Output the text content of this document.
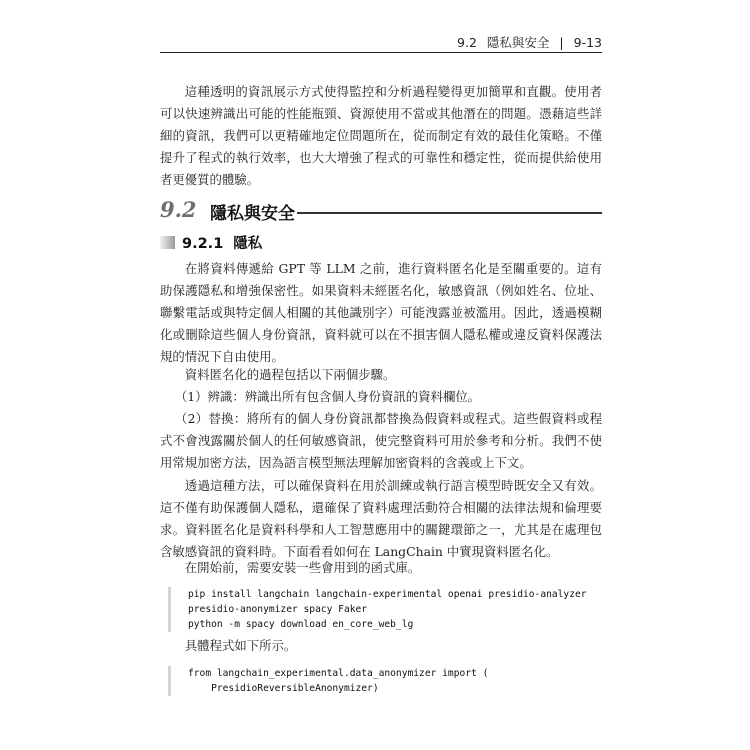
9.2 隱私與安全 | 9-13

這種透明的資訊展示方式使得監控和分析過程變得更加簡單和直觀。使用者可以快速辨識出可能的性能瓶頸、資源使用不當或其他潛在的問題。憑藉這些詳細的資訊，我們可以更精確地定位問題所在，從而制定有效的最佳化策略。不僅提升了程式的執行效率，也大大增強了程式的可靠性和穩定性，從而提供給使用者更優質的體驗。

9.2 隱私與安全
9.2.1 隱私

在將資料傳遞給 GPT 等 LLM 之前，進行資料匿名化是至關重要的。這有助保護隱私和增強保密性。如果資料未經匿名化，敏感資訊（例如姓名、位址、聯繫電話或與特定個人相關的其他識別字）可能洩露並被濫用。因此，透過模糊化或刪除這些個人身份資訊，資料就可以在不損害個人隱私權或違反資料保護法規的情況下自由使用。

資料匿名化的過程包括以下兩個步驟。

（1）辨識：辨識出所有包含個人身份資訊的資料欄位。

（2）替換：將所有的個人身份資訊都替換為假資料或程式。這些假資料或程式不會洩露關於個人的任何敏感資訊，使完整資料可用於參考和分析。我們不使用常規加密方法，因為語言模型無法理解加密資料的含義或上下文。

透過這種方法，可以確保資料在用於訓練或執行語言模型時既安全又有效。這不僅有助保護個人隱私，還確保了資料處理活動符合相關的法律法規和倫理要求。資料匿名化是資料科學和人工智慧應用中的關鍵環節之一，尤其是在處理包含敏感資訊的資料時。下面看看如何在 LangChain 中實現資料匿名化。

在開始前，需要安裝一些會用到的函式庫。

pip install langchain langchain-experimental openai presidio-analyzer
presidio-anonymizer spacy Faker
python -m spacy download en_core_web_lg

具體程式如下所示。

from langchain_experimental.data_anonymizer import (
PresidioReversibleAnonymizer)
